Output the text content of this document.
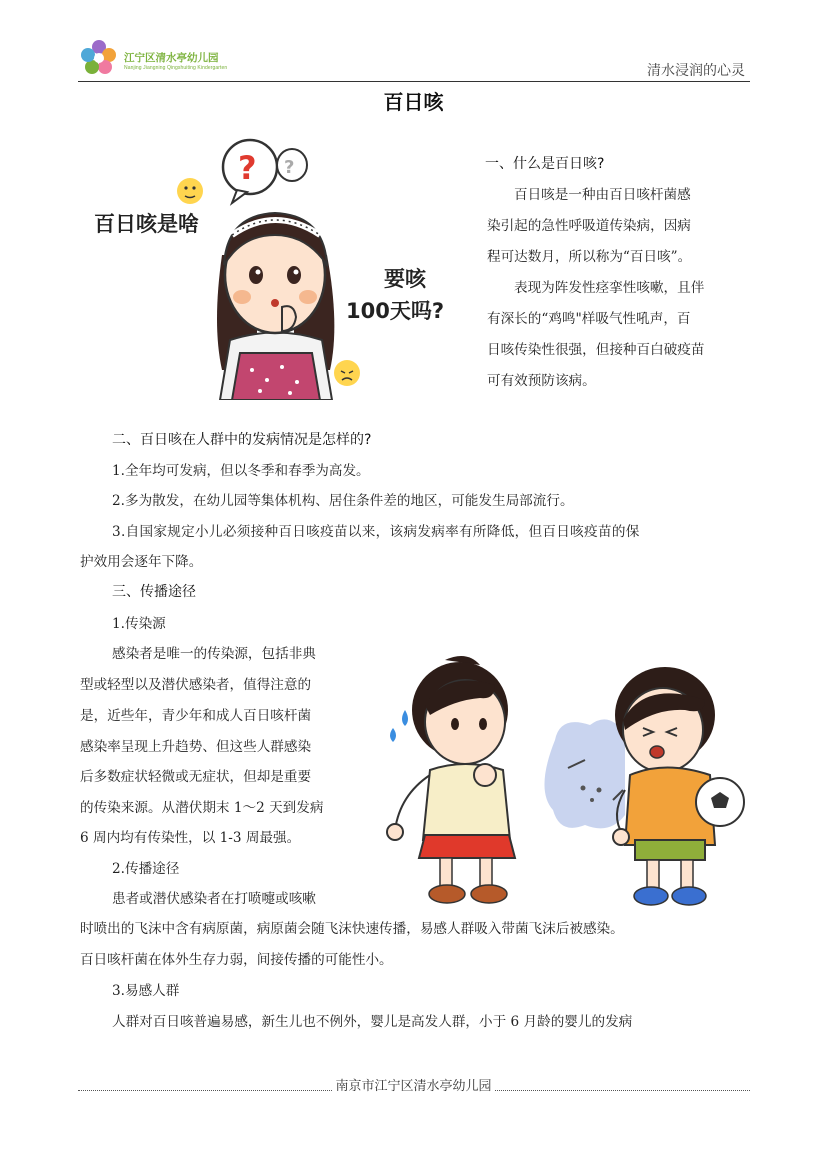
江宁区清水亭幼儿园
Nanjing Jiangning Qingshuiting Kindergarten	清水浸润的心灵
百日咳
? ?
百日咳是啥
要咳
100天吗?
一、什么是百日咳?
百日咳是一种由百日咳杆菌感
染引起的急性呼吸道传染病，因病
程可达数月，所以称为“百日咳”。
表现为阵发性痉挛性咳嗽，且伴
有深长的“鸡鸣"样吸气性吼声，百
日咳传染性很强，但接种百白破疫苗
可有效预防该病。
二、百日咳在人群中的发病情况是怎样的?
1.全年均可发病，但以冬季和春季为高发。
2.多为散发，在幼儿园等集体机构、居住条件差的地区，可能发生局部流行。
3.自国家规定小儿必须接种百日咳疫苗以来，该病发病率有所降低，但百日咳疫苗的保
护效用会逐年下降。
三、传播途径
1.传染源
感染者是唯一的传染源，包括非典
型或轻型以及潜伏感染者，值得注意的
是，近些年，青少年和成人百日咳杆菌
感染率呈现上升趋势、但这些人群感染
后多数症状轻微或无症状，但却是重要
的传染来源。从潜伏期末 1～2 天到发病
6 周内均有传染性，以 1-3 周最强。
2.传播途径
患者或潜伏感染者在打喷嚏或咳嗽
时喷出的飞沫中含有病原菌，病原菌会随飞沫快速传播，易感人群吸入带菌飞沫后被感染。
百日咳杆菌在体外生存力弱，间接传播的可能性小。
3.易感人群
人群对百日咳普遍易感，新生儿也不例外，婴儿是高发人群，小于 6 月龄的婴儿的发病
南京市江宁区清水亭幼儿园
